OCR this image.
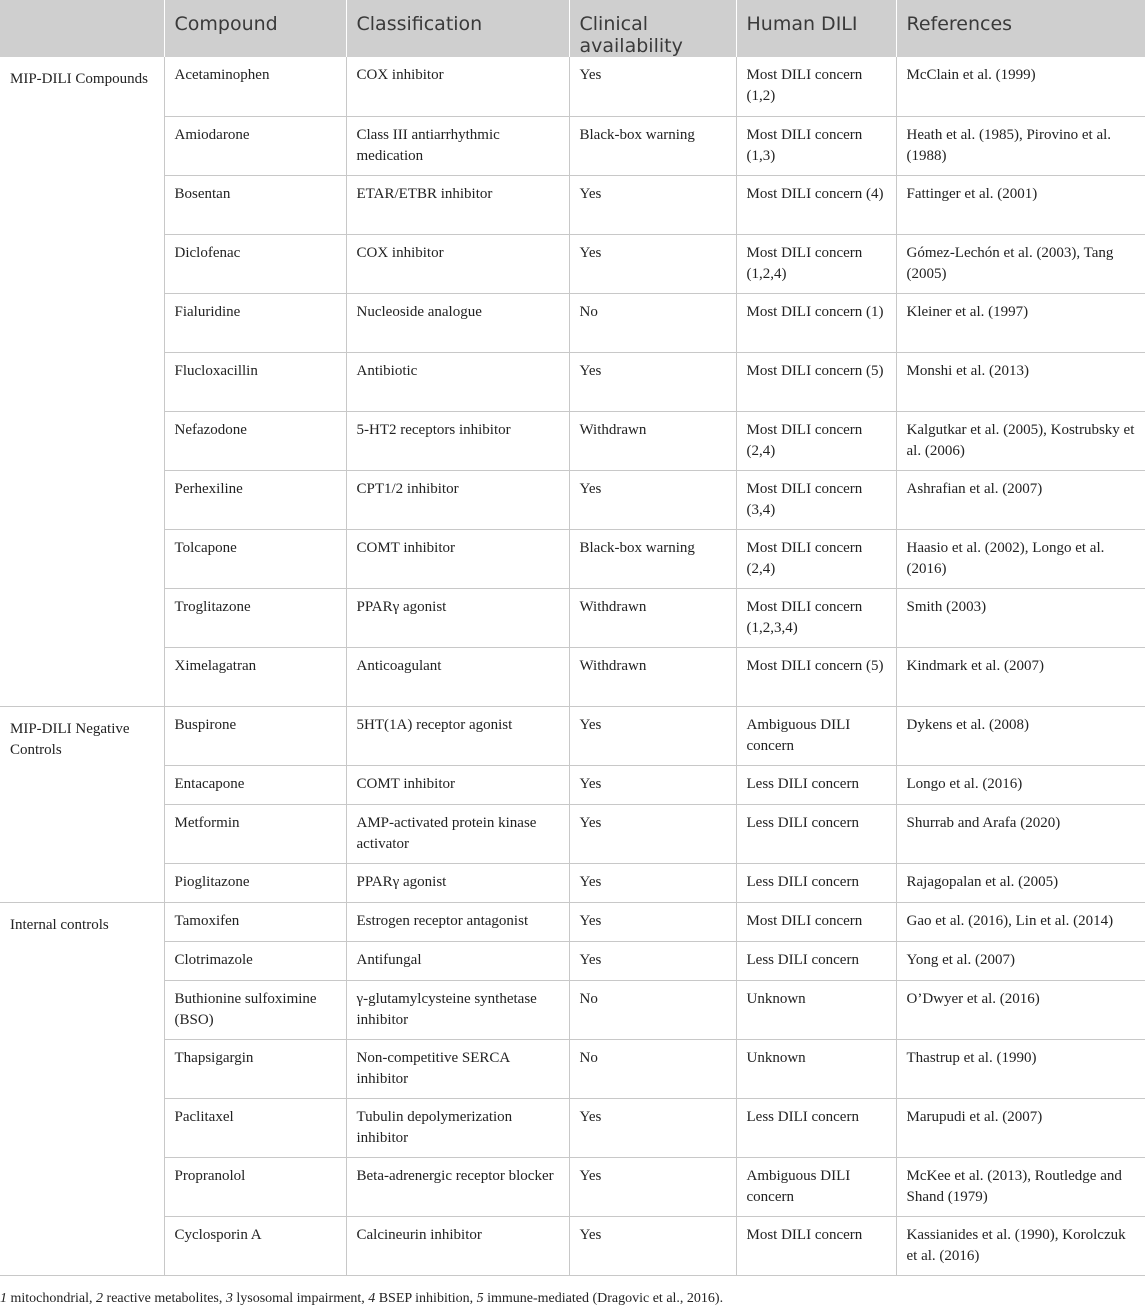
	Compound	Classification	Clinical availability	Human DILI	References
MIP-DILI Compounds	Acetaminophen	COX inhibitor	Yes	Most DILI concern (1,2)	McClain et al. (1999)
	Amiodarone	Class III antiarrhythmic medication	Black-box warning	Most DILI concern (1,3)	Heath et al. (1985), Pirovino et al. (1988)
	Bosentan	ETAR/ETBR inhibitor	Yes	Most DILI concern (4)	Fattinger et al. (2001)
	Diclofenac	COX inhibitor	Yes	Most DILI concern (1,2,4)	Gómez-Lechón et al. (2003), Tang (2005)
	Fialuridine	Nucleoside analogue	No	Most DILI concern (1)	Kleiner et al. (1997)
	Flucloxacillin	Antibiotic	Yes	Most DILI concern (5)	Monshi et al. (2013)
	Nefazodone	5-HT2 receptors inhibitor	Withdrawn	Most DILI concern (2,4)	Kalgutkar et al. (2005), Kostrubsky et al. (2006)
	Perhexiline	CPT1/2 inhibitor	Yes	Most DILI concern (3,4)	Ashrafian et al. (2007)
	Tolcapone	COMT inhibitor	Black-box warning	Most DILI concern (2,4)	Haasio et al. (2002), Longo et al. (2016)
	Troglitazone	PPARγ agonist	Withdrawn	Most DILI concern (1,2,3,4)	Smith (2003)
	Ximelagatran	Anticoagulant	Withdrawn	Most DILI concern (5)	Kindmark et al. (2007)
MIP-DILI Negative Controls	Buspirone	5HT(1A) receptor agonist	Yes	Ambiguous DILI concern	Dykens et al. (2008)
	Entacapone	COMT inhibitor	Yes	Less DILI concern	Longo et al. (2016)
	Metformin	AMP-activated protein kinase activator	Yes	Less DILI concern	Shurrab and Arafa (2020)
	Pioglitazone	PPARγ agonist	Yes	Less DILI concern	Rajagopalan et al. (2005)
Internal controls	Tamoxifen	Estrogen receptor antagonist	Yes	Most DILI concern	Gao et al. (2016), Lin et al. (2014)
	Clotrimazole	Antifungal	Yes	Less DILI concern	Yong et al. (2007)
	Buthionine sulfoximine (BSO)	γ-glutamylcysteine synthetase inhibitor	No	Unknown	O’Dwyer et al. (2016)
	Thapsigargin	Non-competitive SERCA inhibitor	No	Unknown	Thastrup et al. (1990)
	Paclitaxel	Tubulin depolymerization inhibitor	Yes	Less DILI concern	Marupudi et al. (2007)
	Propranolol	Beta-adrenergic receptor blocker	Yes	Ambiguous DILI concern	McKee et al. (2013), Routledge and Shand (1979)
	Cyclosporin A	Calcineurin inhibitor	Yes	Most DILI concern	Kassianides et al. (1990), Korolczuk et al. (2016)
1 mitochondrial, 2 reactive metabolites, 3 lysosomal impairment, 4 BSEP inhibition, 5 immune-mediated (Dragovic et al., 2016).
